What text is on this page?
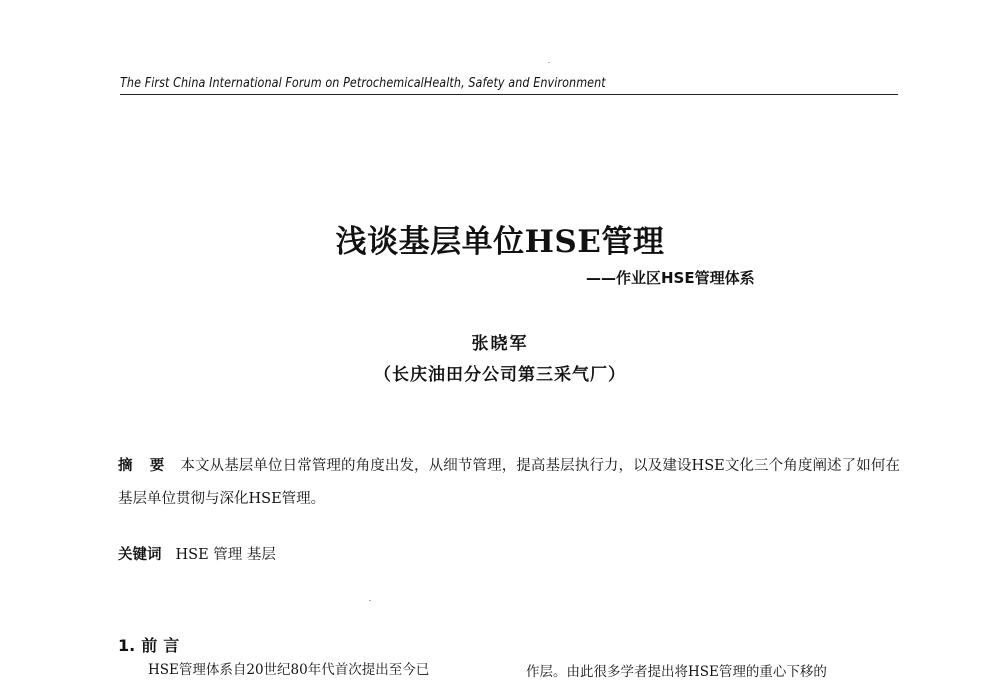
The First China International Forum on PetrochemicalHealth, Safety and Environment
浅谈基层单位HSE管理
——作业区HSE管理体系
张晓军
（长庆油田分公司第三采气厂）
摘 要 本文从基层单位日常管理的角度出发，从细节管理，提高基层执行力，以及建设HSE文化三个角度阐述了如何在基层单位贯彻与深化HSE管理。
关键词 HSE 管理 基层
1. 前言
HSE管理体系自20世纪80年代首次提出至今已	作层。由此很多学者提出将HSE管理的重心下移的
